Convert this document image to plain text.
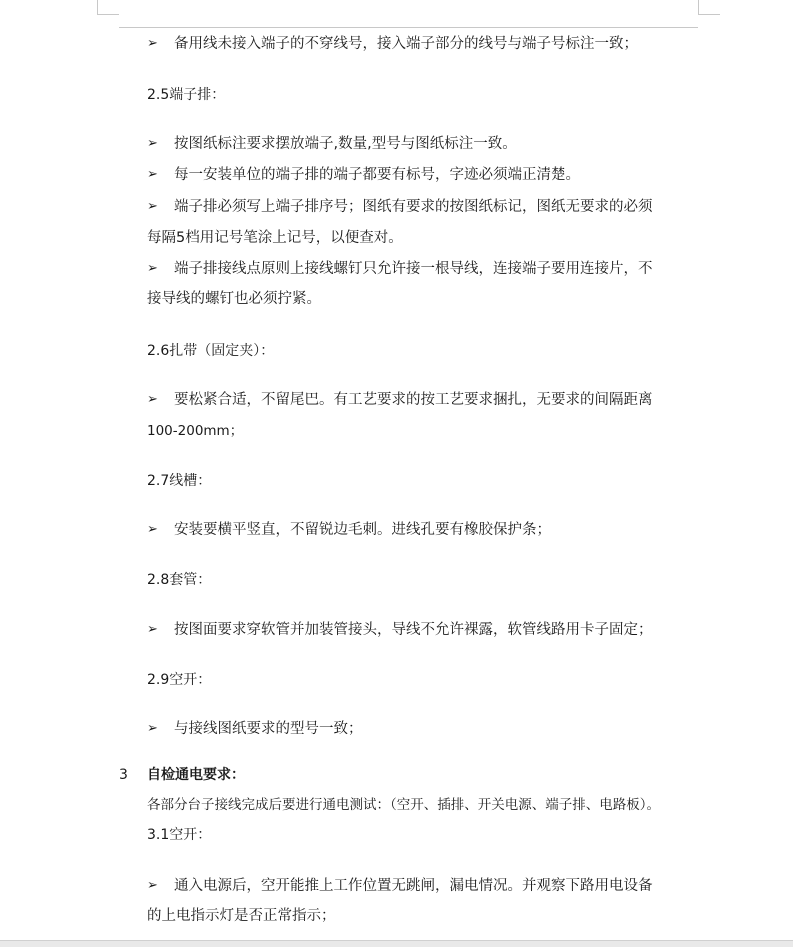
➢ 备用线未接入端子的不穿线号，接入端子部分的线号与端子号标注一致；
2.5端子排：
➢ 按图纸标注要求摆放端子,数量,型号与图纸标注一致。
➢ 每一安装单位的端子排的端子都要有标号，字迹必须端正清楚。
➢ 端子排必须写上端子排序号；图纸有要求的按图纸标记，图纸无要求的必须
每隔5档用记号笔涂上记号，以便查对。
➢ 端子排接线点原则上接线螺钉只允许接一根导线，连接端子要用连接片，不
接导线的螺钉也必须拧紧。
2.6扎带（固定夹）：
➢ 要松紧合适，不留尾巴。有工艺要求的按工艺要求捆扎，无要求的间隔距离
100-200mm；
2.7线槽：
➢ 安装要横平竖直，不留锐边毛刺。进线孔要有橡胶保护条；
2.8套管：
➢ 按图面要求穿软管并加装管接头，导线不允许裸露，软管线路用卡子固定；
2.9空开：
➢ 与接线图纸要求的型号一致；
3 自检通电要求：
各部分台子接线完成后要进行通电测试：（空开、插排、开关电源、端子排、电路板）。
3.1空开：
➢ 通入电源后，空开能推上工作位置无跳闸，漏电情况。并观察下路用电设备
的上电指示灯是否正常指示；
